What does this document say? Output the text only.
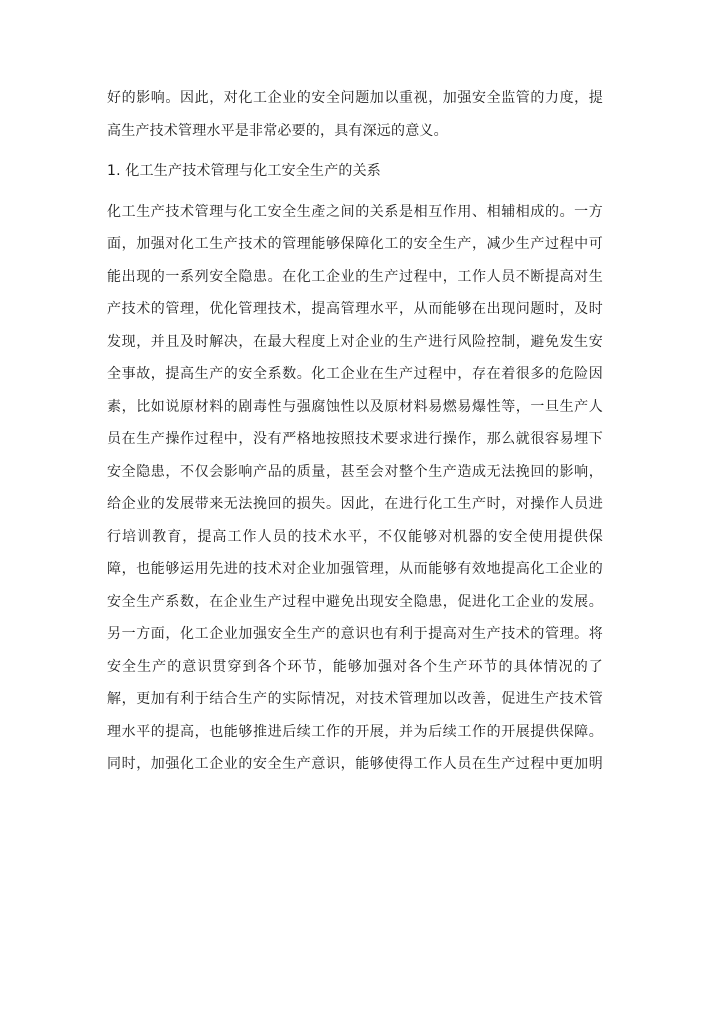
好的影响。因此，对化工企业的安全问题加以重视，加强安全监管的力度，提
高生产技术管理水平是非常必要的，具有深远的意义。
1. 化工生产技术管理与化工安全生产的关系
化工生产技术管理与化工安全生產之间的关系是相互作用、相辅相成的。一方
面，加强对化工生产技术的管理能够保障化工的安全生产，减少生产过程中可
能出现的一系列安全隐患。在化工企业的生产过程中，工作人员不断提高对生
产技术的管理，优化管理技术，提高管理水平，从而能够在出现问题时，及时
发现，并且及时解决，在最大程度上对企业的生产进行风险控制，避免发生安
全事故，提高生产的安全系数。化工企业在生产过程中，存在着很多的危险因
素，比如说原材料的剧毒性与强腐蚀性以及原材料易燃易爆性等，一旦生产人
员在生产操作过程中，没有严格地按照技术要求进行操作，那么就很容易埋下
安全隐患，不仅会影响产品的质量，甚至会对整个生产造成无法挽回的影响，
给企业的发展带来无法挽回的损失。因此，在进行化工生产时，对操作人员进
行培训教育，提高工作人员的技术水平，不仅能够对机器的安全使用提供保
障，也能够运用先进的技术对企业加强管理，从而能够有效地提高化工企业的
安全生产系数，在企业生产过程中避免出现安全隐患，促进化工企业的发展。
另一方面，化工企业加强安全生产的意识也有利于提高对生产技术的管理。将
安全生产的意识贯穿到各个环节，能够加强对各个生产环节的具体情况的了
解，更加有利于结合生产的实际情况，对技术管理加以改善，促进生产技术管
理水平的提高，也能够推进后续工作的开展，并为后续工作的开展提供保障。
同时，加强化工企业的安全生产意识，能够使得工作人员在生产过程中更加明
